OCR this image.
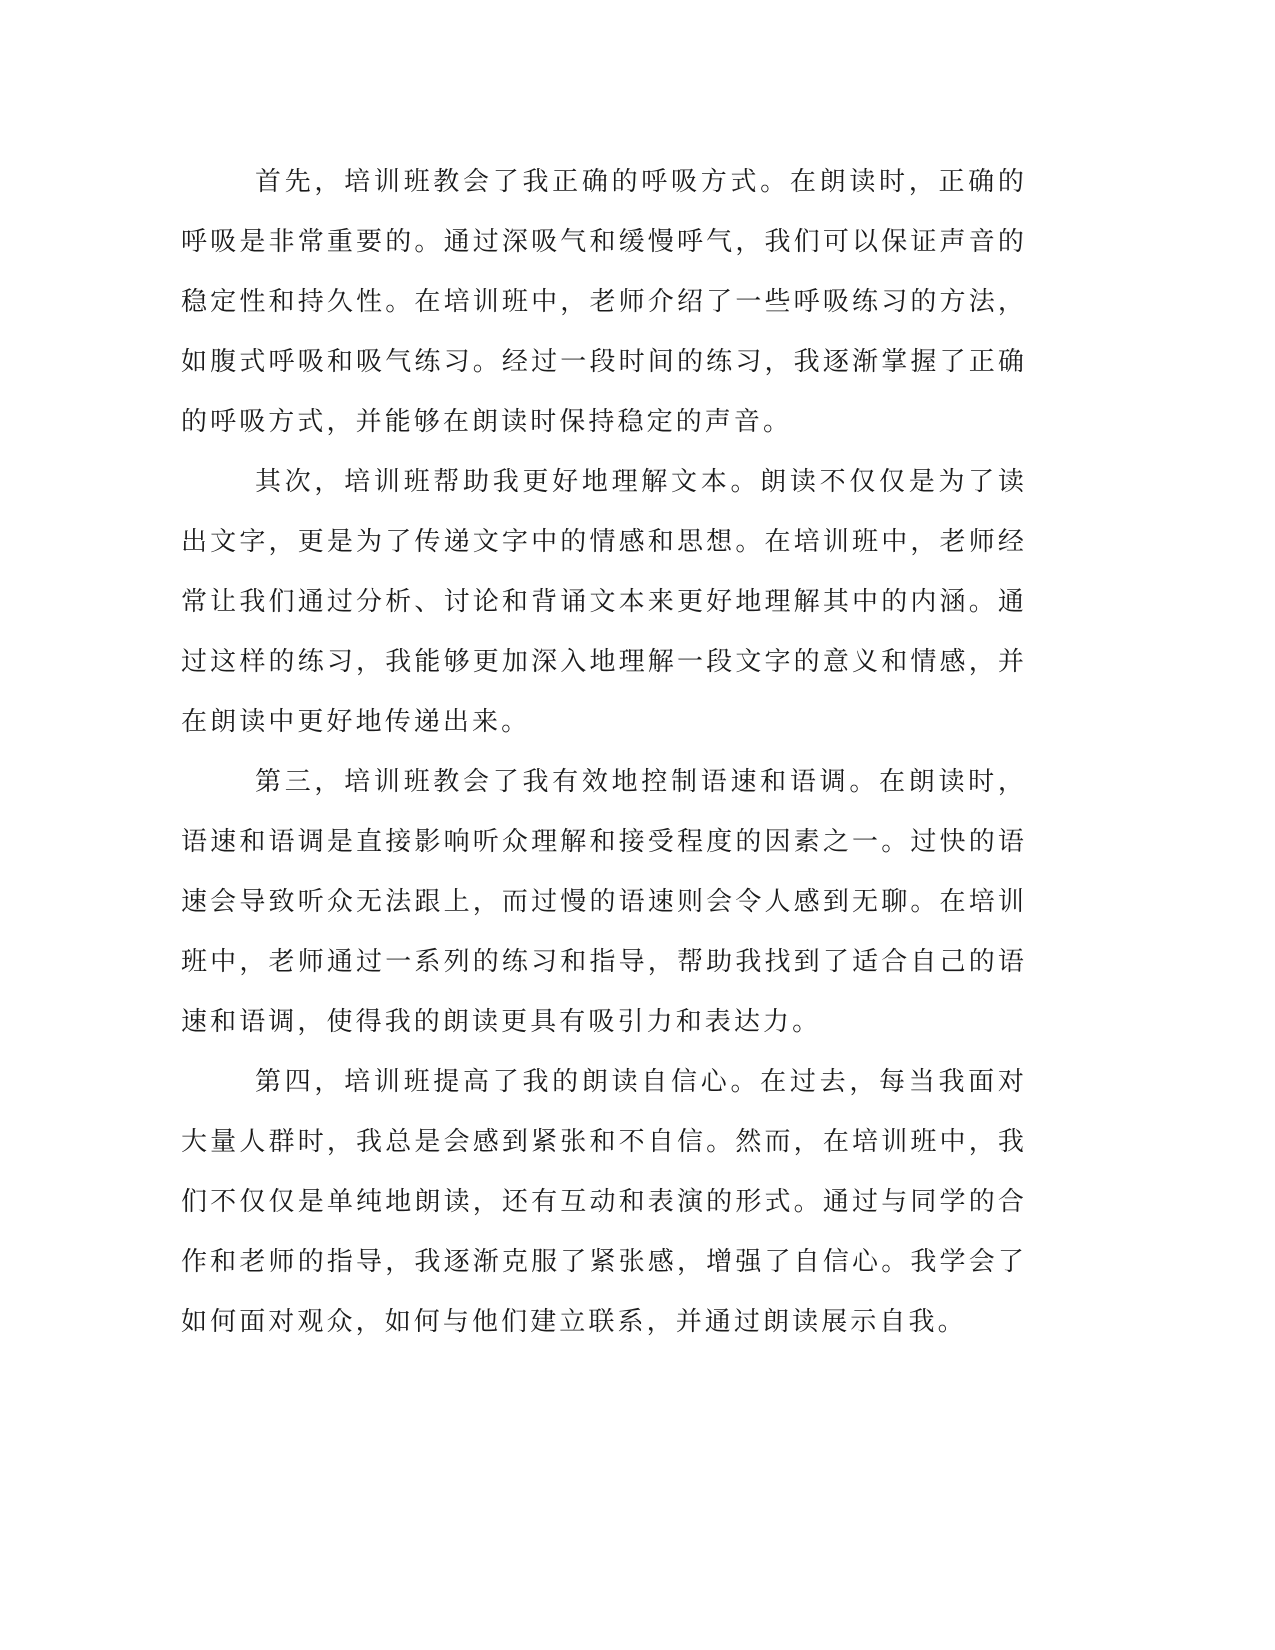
首先，培训班教会了我正确的呼吸方式。在朗读时，正确的呼吸是非常重要的。通过深吸气和缓慢呼气，我们可以保证声音的稳定性和持久性。在培训班中，老师介绍了一些呼吸练习的方法，如腹式呼吸和吸气练习。经过一段时间的练习，我逐渐掌握了正确的呼吸方式，并能够在朗读时保持稳定的声音。

其次，培训班帮助我更好地理解文本。朗读不仅仅是为了读出文字，更是为了传递文字中的情感和思想。在培训班中，老师经常让我们通过分析、讨论和背诵文本来更好地理解其中的内涵。通过这样的练习，我能够更加深入地理解一段文字的意义和情感，并在朗读中更好地传递出来。

第三，培训班教会了我有效地控制语速和语调。在朗读时，语速和语调是直接影响听众理解和接受程度的因素之一。过快的语速会导致听众无法跟上，而过慢的语速则会令人感到无聊。在培训班中，老师通过一系列的练习和指导，帮助我找到了适合自己的语速和语调，使得我的朗读更具有吸引力和表达力。

第四，培训班提高了我的朗读自信心。在过去，每当我面对大量人群时，我总是会感到紧张和不自信。然而，在培训班中，我们不仅仅是单纯地朗读，还有互动和表演的形式。通过与同学的合作和老师的指导，我逐渐克服了紧张感，增强了自信心。我学会了如何面对观众，如何与他们建立联系，并通过朗读展示自我。
